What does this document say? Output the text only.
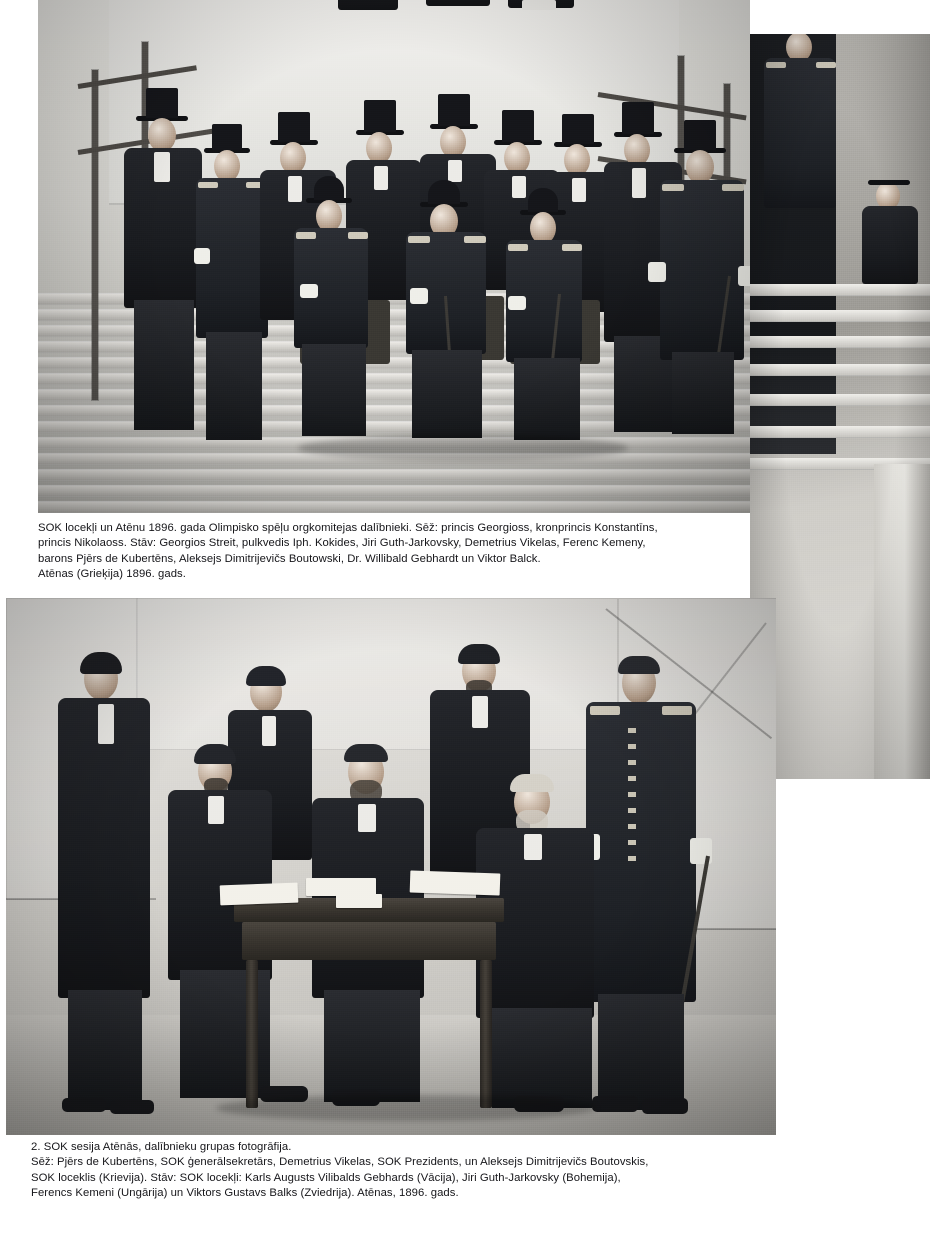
SOK locekļi un Atēnu 1896. gada Olimpisko spēļu orgkomitejas dalībnieki. Sēž: princis Georgioss, kronprincis Konstantīns,

princis Nikolaoss. Stāv: Georgios Streit, pulkvedis Iph. Kokides, Jiri Guth-Jarkovsky, Demetrius Vikelas, Ferenc Kemeny,

barons Pjērs de Kubertēns, Aleksejs Dimitrijevičs Boutowski, Dr. Willibald Gebhardt un Viktor Balck.

Atēnas (Grieķija) 1896. gads.

2. SOK sesija Atēnās, dalībnieku grupas fotogrāfija.

Sēž: Pjērs de Kubertēns, SOK ģenerālsekretārs, Demetrius Vikelas, SOK Prezidents, un Aleksejs Dimitrijevičs Boutovskis,

SOK loceklis (Krievija). Stāv: SOK locekļi: Karls Augusts Vilibalds Gebhards (Vācija), Jiri Guth-Jarkovsky (Bohemija),

Ferencs Kemeni (Ungārija) un Viktors Gustavs Balks (Zviedrija). Atēnas, 1896. gads.
